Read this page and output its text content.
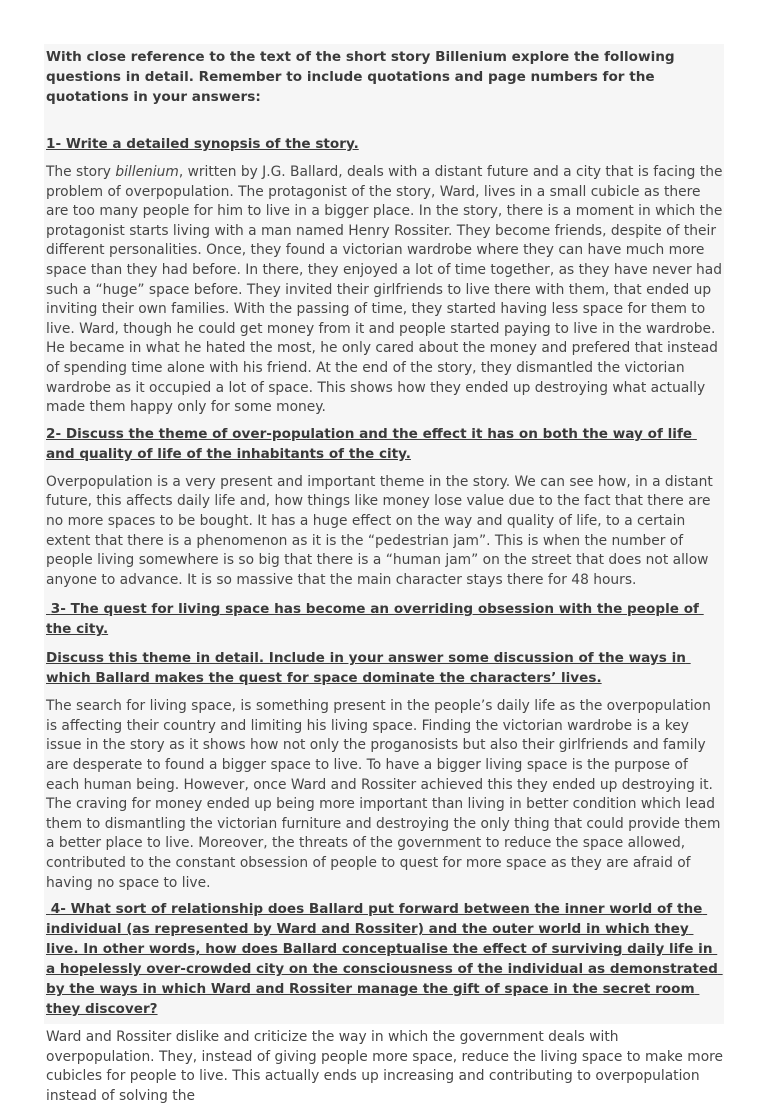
With close reference to the text of the short story Billenium explore the following questions in detail. Remember to include quotations and page numbers for the quotations in your answers:

1- Write a detailed synopsis of the story.

The story billenium, written by J.G. Ballard, deals with a distant future and a city that is facing the problem of overpopulation. The protagonist of the story, Ward, lives in a small cubicle as there are too many people for him to live in a bigger place. In the story, there is a moment in which the protagonist starts living with a man named Henry Rossiter. They become friends, despite of their different personalities. Once, they found a victorian wardrobe where they can have much more space than they had before. In there, they enjoyed a lot of time together, as they have never had such a “huge” space before. They invited their girlfriends to live there with them, that ended up inviting their own families. With the passing of time, they started having less space for them to live. Ward, though he could get money from it and people started paying to live in the wardrobe. He became in what he hated the most, he only cared about the money and prefered that instead of spending time alone with his friend. At the end of the story, they dismantled the victorian wardrobe as it occupied a lot of space. This shows how they ended up destroying what actually made them happy only for some money.

2- Discuss the theme of over-population and the effect it has on both the way of life and quality of life of the inhabitants of the city.

Overpopulation is a very present and important theme in the story. We can see how, in a distant future, this affects daily life and, how things like money lose value due to the fact that there are no more spaces to be bought. It has a huge effect on the way and quality of life, to a certain extent that there is a phenomenon as it is the “pedestrian jam”. This is when the number of people living somewhere is so big that there is a “human jam” on the street that does not allow anyone to advance. It is so massive that the main character stays there for 48 hours.

3- The quest for living space has become an overriding obsession with the people of the city.

Discuss this theme in detail. Include in your answer some discussion of the ways in which Ballard makes the quest for space dominate the characters’ lives.

The search for living space, is something present in the people’s daily life as the overpopulation is affecting their country and limiting his living space. Finding the victorian wardrobe is a key issue in the story as it shows how not only the proganosists but also their girlfriends and family are desperate to found a bigger space to live. To have a bigger living space is the purpose of each human being. However, once Ward and Rossiter achieved this they ended up destroying it. The craving for money ended up being more important than living in better condition which lead them to dismantling the victorian furniture and destroying the only thing that could provide them a better place to live. Moreover, the threats of the government to reduce the space allowed, contributed to the constant obsession of people to quest for more space as they are afraid of having no space to live.

4- What sort of relationship does Ballard put forward between the inner world of the individual (as represented by Ward and Rossiter) and the outer world in which they live. In other words, how does Ballard conceptualise the effect of surviving daily life in a hopelessly over-crowded city on the consciousness of the individual as demonstrated by the ways in which Ward and Rossiter manage the gift of space in the secret room they discover?

Ward and Rossiter dislike and criticize the way in which the government deals with overpopulation. They, instead of giving people more space, reduce the living space to make more cubicles for people to live. This actually ends up increasing and contributing to overpopulation instead of solving the
